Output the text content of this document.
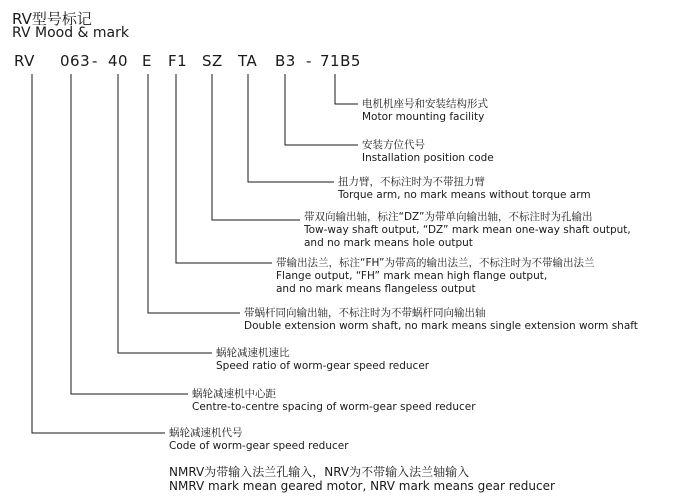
RV型号标记
RV Mood & mark
RV 063 - 40 E F1 SZ TA B3 - 71B5
电机机座号和安装结构形式
Motor mounting facility
安装方位代号
Installation position code
扭力臂，不标注时为不带扭力臂
Torque arm, no mark means without torque arm
带双向输出轴，标注“DZ”为带单向输出轴，不标注时为孔输出
Tow-way shaft output, “DZ” mark mean one-way shaft output,
and no mark means hole output
带输出法兰，标注“FH”为带高的输出法兰，不标注时为不带输出法兰
Flange output, “FH” mark mean high flange output,
and no mark means flangeless output
带蜗杆同向输出轴，不标注时为不带蜗杆同向输出轴
Double extension worm shaft, no mark means single extension worm shaft
蜗轮减速机速比
Speed ratio of worm-gear speed reducer
蜗轮减速机中心距
Centre-to-centre spacing of worm-gear speed reducer
蜗轮减速机代号
Code of worm-gear speed reducer
NMRV为带输入法兰孔输入，NRV为不带输入法兰轴输入
NMRV mark mean geared motor, NRV mark means gear reducer
